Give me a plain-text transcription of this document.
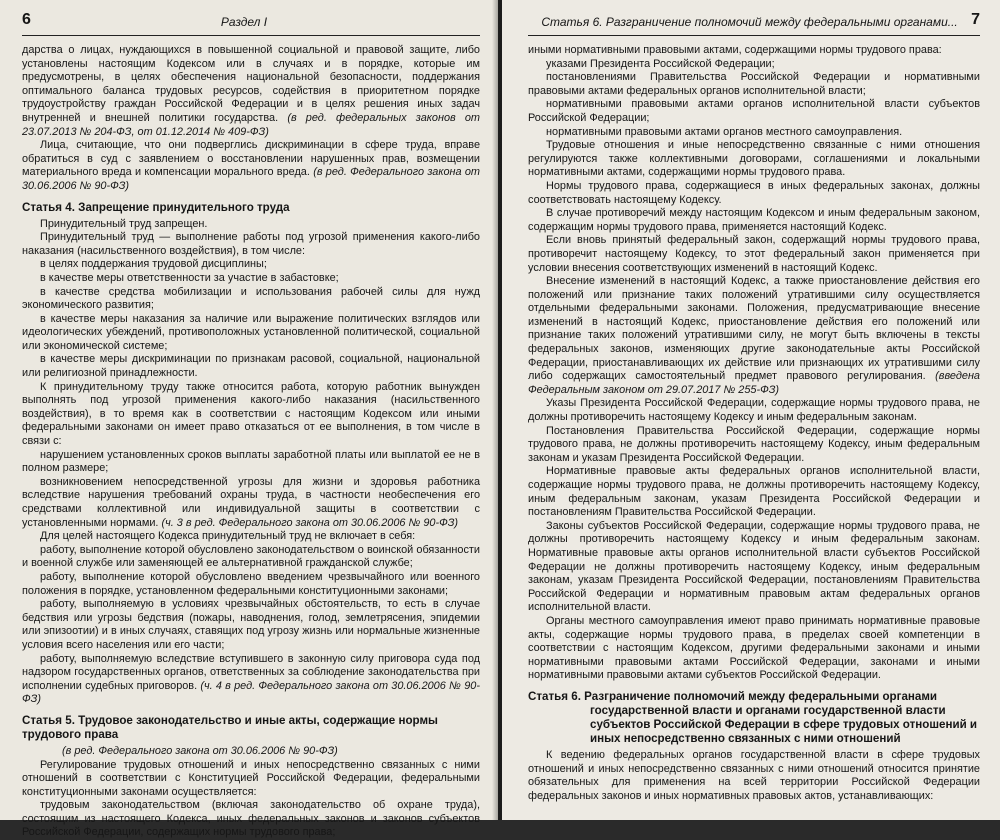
6	Раздел I

дарства о лицах, нуждающихся в повышенной социальной и правовой защите, либо установлены настоящим Кодексом или в случаях и в порядке, которые им предусмотрены, в целях обеспечения национальной безопасности, поддержания оптимального баланса трудовых ресурсов, содействия в приоритетном порядке трудоустройству граждан Российской Федерации и в целях решения иных задач внутренней и внешней политики государства. (в ред. федеральных законов от 23.07.2013 № 204-ФЗ, от 01.12.2014 № 409-ФЗ)

Лица, считающие, что они подверглись дискриминации в сфере труда, вправе обратиться в суд с заявлением о восстановлении нарушенных прав, возмещении материального вреда и компенсации морального вреда. (в ред. Федерального закона от 30.06.2006 № 90-ФЗ)

Статья 4. Запрещение принудительного труда

Принудительный труд запрещен.

Принудительный труд — выполнение работы под угрозой применения какого-либо наказания (насильственного воздействия), в том числе:

в целях поддержания трудовой дисциплины;

в качестве меры ответственности за участие в забастовке;

в качестве средства мобилизации и использования рабочей силы для нужд экономического развития;

в качестве меры наказания за наличие или выражение политических взглядов или идеологических убеждений, противоположных установленной политической, социальной или экономической системе;

в качестве меры дискриминации по признакам расовой, социальной, национальной или религиозной принадлежности.

К принудительному труду также относится работа, которую работник вынужден выполнять под угрозой применения какого-либо наказания (насильственного воздействия), в то время как в соответствии с настоящим Кодексом или иными федеральными законами он имеет право отказаться от ее выполнения, в том числе в связи с:

нарушением установленных сроков выплаты заработной платы или выплатой ее не в полном размере;

возникновением непосредственной угрозы для жизни и здоровья работника вследствие нарушения требований охраны труда, в частности необеспечения его средствами коллективной или индивидуальной защиты в соответствии с установленными нормами. (ч. 3 в ред. Федерального закона от 30.06.2006 № 90-ФЗ)

Для целей настоящего Кодекса принудительный труд не включает в себя:

работу, выполнение которой обусловлено законодательством о воинской обязанности и военной службе или заменяющей ее альтернативной гражданской службе;

работу, выполнение которой обусловлено введением чрезвычайного или военного положения в порядке, установленном федеральными конституционными законами;

работу, выполняемую в условиях чрезвычайных обстоятельств, то есть в случае бедствия или угрозы бедствия (пожары, наводнения, голод, землетрясения, эпидемии или эпизоотии) и в иных случаях, ставящих под угрозу жизнь или нормальные жизненные условия всего населения или его части;

работу, выполняемую вследствие вступившего в законную силу приговора суда под надзором государственных органов, ответственных за соблюдение законодательства при исполнении судебных приговоров. (ч. 4 в ред. Федерального закона от 30.06.2006 № 90-ФЗ)

Статья 5. Трудовое законодательство и иные акты, содержащие нормы трудового права

(в ред. Федерального закона от 30.06.2006 № 90-ФЗ)

Регулирование трудовых отношений и иных непосредственно связанных с ними отношений в соответствии с Конституцией Российской Федерации, федеральными конституционными законами осуществляется:

трудовым законодательством (включая законодательство об охране труда), состоящим из настоящего Кодекса, иных федеральных законов и законов субъектов Российской Федерации, содержащих нормы трудового права;

Статья 6. Разграничение полномочий между федеральными органами... 7

иными нормативными правовыми актами, содержащими нормы трудового права:

указами Президента Российской Федерации;

постановлениями Правительства Российской Федерации и нормативными правовыми актами федеральных органов исполнительной власти;

нормативными правовыми актами органов исполнительной власти субъектов Российской Федерации;

нормативными правовыми актами органов местного самоуправления.

Трудовые отношения и иные непосредственно связанные с ними отношения регулируются также коллективными договорами, соглашениями и локальными нормативными актами, содержащими нормы трудового права.

Нормы трудового права, содержащиеся в иных федеральных законах, должны соответствовать настоящему Кодексу.

В случае противоречий между настоящим Кодексом и иным федеральным законом, содержащим нормы трудового права, применяется настоящий Кодекс.

Если вновь принятый федеральный закон, содержащий нормы трудового права, противоречит настоящему Кодексу, то этот федеральный закон применяется при условии внесения соответствующих изменений в настоящий Кодекс.

Внесение изменений в настоящий Кодекс, а также приостановление действия его положений или признание таких положений утратившими силу осуществляется отдельными федеральными законами. Положения, предусматривающие внесение изменений в настоящий Кодекс, приостановление действия его положений или признание таких положений утратившими силу, не могут быть включены в тексты федеральных законов, изменяющих другие законодательные акты Российской Федерации, приостанавливающих их действие или признающих их утратившими силу либо содержащих самостоятельный предмет правового регулирования. (введена Федеральным законом от 29.07.2017 № 255-ФЗ)

Указы Президента Российской Федерации, содержащие нормы трудового права, не должны противоречить настоящему Кодексу и иным федеральным законам.

Постановления Правительства Российской Федерации, содержащие нормы трудового права, не должны противоречить настоящему Кодексу, иным федеральным законам и указам Президента Российской Федерации.

Нормативные правовые акты федеральных органов исполнительной власти, содержащие нормы трудового права, не должны противоречить настоящему Кодексу, иным федеральным законам, указам Президента Российской Федерации и постановлениям Правительства Российской Федерации.

Законы субъектов Российской Федерации, содержащие нормы трудового права, не должны противоречить настоящему Кодексу и иным федеральным законам. Нормативные правовые акты органов исполнительной власти субъектов Российской Федерации не должны противоречить настоящему Кодексу, иным федеральным законам, указам Президента Российской Федерации, постановлениям Правительства Российской Федерации и нормативным правовым актам федеральных органов исполнительной власти.

Органы местного самоуправления имеют право принимать нормативные правовые акты, содержащие нормы трудового права, в пределах своей компетенции в соответствии с настоящим Кодексом, другими федеральными законами и иными нормативными правовыми актами Российской Федерации, законами и иными нормативными правовыми актами субъектов Российской Федерации.

Статья 6. Разграничение полномочий между федеральными органами государственной власти и органами государственной власти субъектов Российской Федерации в сфере трудовых отношений и иных непосредственно связанных с ними отношений

К ведению федеральных органов государственной власти в сфере трудовых отношений и иных непосредственно связанных с ними отношений относится принятие обязательных для применения на всей территории Российской Федерации федеральных законов и иных нормативных правовых актов, устанавливающих:
